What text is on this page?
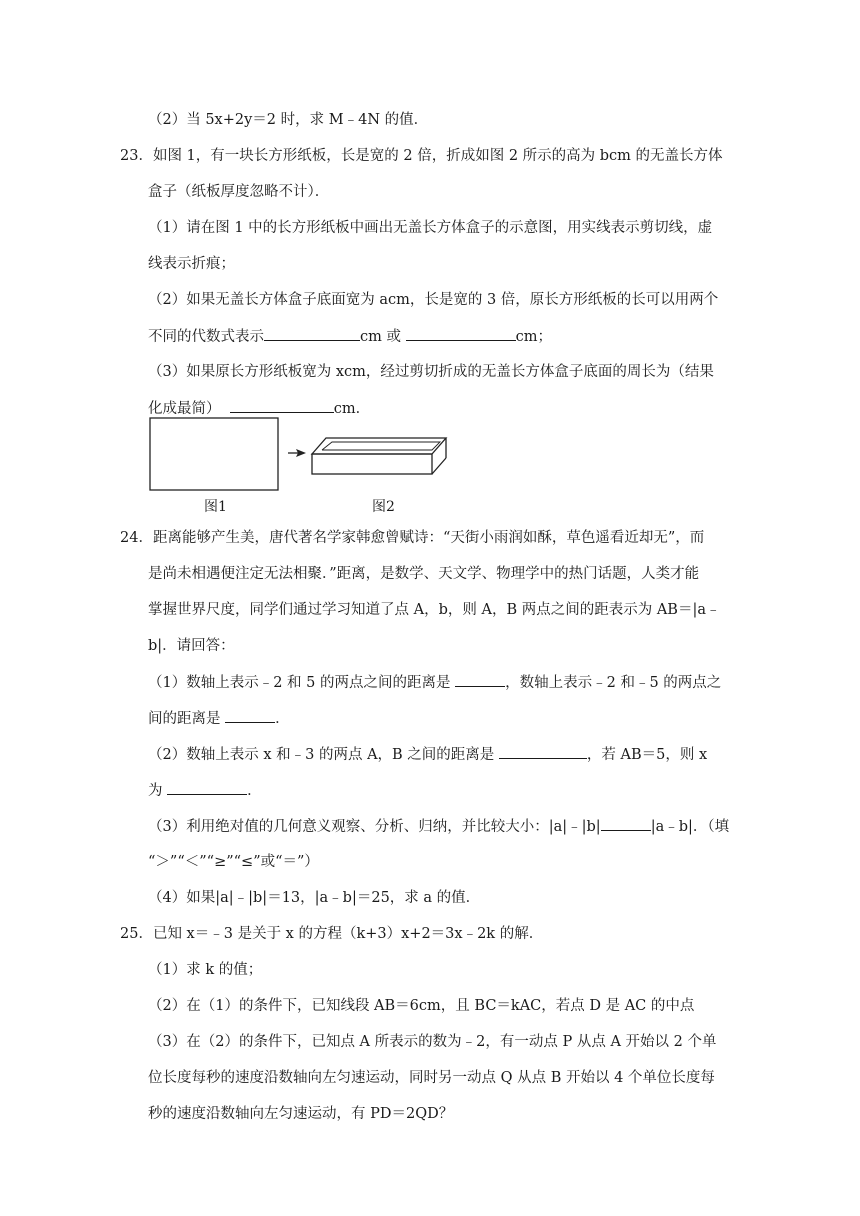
（2）当 5x+2y＝2 时，求 M﹣4N 的值．
23．如图 1，有一块长方形纸板，长是宽的 2 倍，折成如图 2 所示的高为 bcm 的无盖长方体
盒子（纸板厚度忽略不计）．
（1）请在图 1 中的长方形纸板中画出无盖长方体盒子的示意图，用实线表示剪切线，虚
线表示折痕；
（2）如果无盖长方体盒子底面宽为 acm，长是宽的 3 倍，原长方形纸板的长可以用两个
不同的代数式表示	cm 或	cm；
（3）如果原长方形纸板宽为 xcm，经过剪切折成的无盖长方体盒子底面的周长为（结果
化成最简）	cm．
图1	图2
24．距离能够产生美，唐代著名学家韩愈曾赋诗：“天街小雨润如酥，草色遥看近却无”，而
是尚未相遇便注定无法相聚．”距离，是数学、天文学、物理学中的热门话题，人类才能
掌握世界尺度，同学们通过学习知道了点 A，b，则 A，B 两点之间的距表示为 AB＝|a﹣
b|．请回答：
（1）数轴上表示﹣2 和 5 的两点之间的距离是	，数轴上表示﹣2 和﹣5 的两点之
间的距离是	．
（2）数轴上表示 x 和﹣3 的两点 A，B 之间的距离是	，若 AB＝5，则 x
为	．
（3）利用绝对值的几何意义观察、分析、归纳，并比较大小：|a|﹣|b|	|a﹣b|．（填
“＞”“＜”“≥”“≤”或“＝”）
（4）如果|a|﹣|b|＝13，|a﹣b|＝25，求 a 的值．
25．已知 x＝﹣3 是关于 x 的方程（k+3）x+2＝3x﹣2k 的解．
（1）求 k 的值；
（2）在（1）的条件下，已知线段 AB＝6cm，且 BC＝kAC，若点 D 是 AC 的中点
（3）在（2）的条件下，已知点 A 所表示的数为﹣2，有一动点 P 从点 A 开始以 2 个单
位长度每秒的速度沿数轴向左匀速运动，同时另一动点 Q 从点 B 开始以 4 个单位长度每
秒的速度沿数轴向左匀速运动，有 PD＝2QD？
